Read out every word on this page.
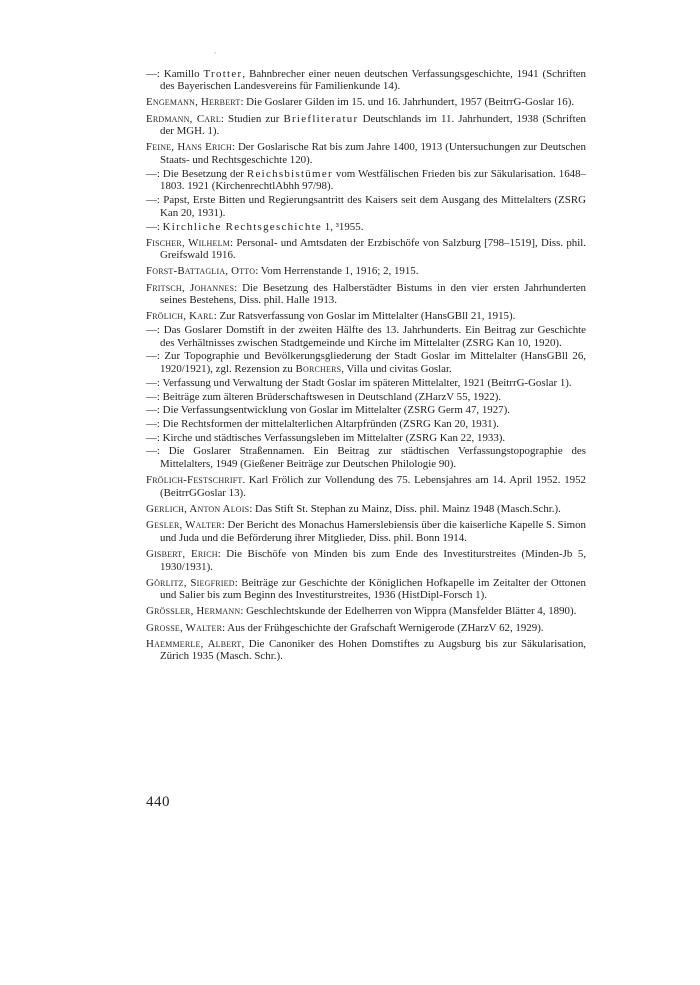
—: Kamillo Trotter, Bahnbrecher einer neuen deutschen Verfassungsgeschichte, 1941 (Schriften des Bayerischen Landesvereins für Familienkunde 14).
Engemann, Herbert: Die Goslarer Gilden im 15. und 16. Jahrhundert, 1957 (BeitrrG-Goslar 16).
Erdmann, Carl: Studien zur Briefliteratur Deutschlands im 11. Jahrhundert, 1938 (Schriften der MGH. 1).
Feine, Hans Erich: Der Goslarische Rat bis zum Jahre 1400, 1913 (Untersuchungen zur Deutschen Staats- und Rechtsgeschichte 120).
—: Die Besetzung der Reichsbistümer vom Westfälischen Frieden bis zur Säkularisation. 1648–1803. 1921 (KirchenrechtlAbhh 97/98).
—: Papst, Erste Bitten und Regierungsantritt des Kaisers seit dem Ausgang des Mittelalters (ZSRG Kan 20, 1931).
—: Kirchliche Rechtsgeschichte 1, ³1955.
Fischer, Wilhelm: Personal- und Amtsdaten der Erzbischöfe von Salzburg [798–1519], Diss. phil. Greifswald 1916.
Forst-Battaglia, Otto: Vom Herrenstande 1, 1916; 2, 1915.
Fritsch, Johannes: Die Besetzung des Halberstädter Bistums in den vier ersten Jahrhunderten seines Bestehens, Diss. phil. Halle 1913.
Frölich, Karl: Zur Ratsverfassung von Goslar im Mittelalter (HansGBll 21, 1915).
—: Das Goslarer Domstift in der zweiten Hälfte des 13. Jahrhunderts. Ein Beitrag zur Geschichte des Verhältnisses zwischen Stadtgemeinde und Kirche im Mittelalter (ZSRG Kan 10, 1920).
—: Zur Topographie und Bevölkerungsgliederung der Stadt Goslar im Mittelalter (HansGBll 26, 1920/1921), zgl. Rezension zu Borchers, Villa und civitas Goslar.
—: Verfassung und Verwaltung der Stadt Goslar im späteren Mittelalter, 1921 (BeitrrG-Goslar 1).
—: Beiträge zum älteren Brüderschaftswesen in Deutschland (ZHarzV 55, 1922).
—: Die Verfassungsentwicklung von Goslar im Mittelalter (ZSRG Germ 47, 1927).
—: Die Rechtsformen der mittelalterlichen Altarpfründen (ZSRG Kan 20, 1931).
—: Kirche und städtisches Verfassungsleben im Mittelalter (ZSRG Kan 22, 1933).
—: Die Goslarer Straßennamen. Ein Beitrag zur städtischen Verfassungstopographie des Mittelalters, 1949 (Gießener Beiträge zur Deutschen Philologie 90).
Frölich-Festschrift. Karl Frölich zur Vollendung des 75. Lebensjahres am 14. April 1952. 1952 (BeitrrGGoslar 13).
Gerlich, Anton Alois: Das Stift St. Stephan zu Mainz, Diss. phil. Mainz 1948 (Masch.Schr.).
Gesler, Walter: Der Bericht des Monachus Hamerslebiensis über die kaiserliche Kapelle S. Simon und Juda und die Beförderung ihrer Mitglieder, Diss. phil. Bonn 1914.
Gisbert, Erich: Die Bischöfe von Minden bis zum Ende des Investiturstreites (Minden-Jb 5, 1930/1931).
Görlitz, Siegfried: Beiträge zur Geschichte der Königlichen Hofkapelle im Zeitalter der Ottonen und Salier bis zum Beginn des Investiturstreites, 1936 (HistDipl-Forsch 1).
Grössler, Hermann: Geschlechtskunde der Edelherren von Wippra (Mansfelder Blätter 4, 1890).
Grosse, Walter: Aus der Frühgeschichte der Grafschaft Wernigerode (ZHarzV 62, 1929).
Haemmerle, Albert, Die Canoniker des Hohen Domstiftes zu Augsburg bis zur Säkularisation, Zürich 1935 (Masch. Schr.).
440
